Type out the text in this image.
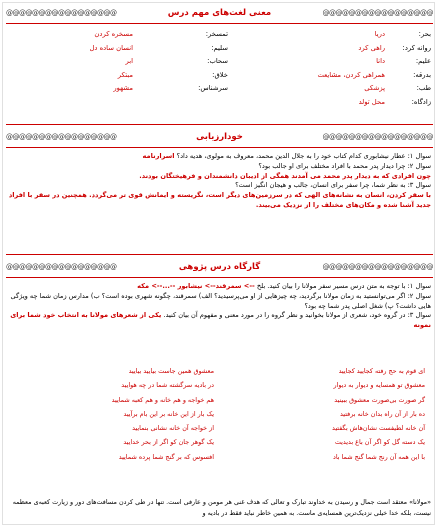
@@@@@@@@@@@@@@@@@
معنی لغت‌های مهم درس
@@@@@@@@@@@@@@@@@
بحر:
دریا
تمسخر:
مسخره کردن
روانه کرد:
راهی کرد
سلیم:
انسان ساده دل
علیم:
دانا
سحاب:
ابر
بدرقه:
همراهی کردن، مشایعت
خلاق:
مبتکر
طب:
پزشکی
سرشناس:
مشهور
زادگاه:
محل تولد
@@@@@@@@@@@@@@@@@
خودارزیابی
@@@@@@@@@@@@@@@@@
سوال ۱: عطار نیشابوری کدام کتاب خود را به جلال الدین محمد، معروف به مولوی، هدیه داد؟ اسرارنامه
سوال ۲: چرا دیدار پدر محمد با افراد مختلف برای او جالب بود؟
چون افرادی که به دیدار پدر محمد می آمدند همگی از ادیبان دانشمندان و فرهیختگان بودند.
سوال ۳: به نظر شما، چرا سفر برای انسان، جالب و هیجان انگیز است؟
با سفر کردن، انسان به نشانه‌های الهی که در سرزمین‌های دیگر است، نگریسته و ایمانش قوی تر می‌گردد. همچنین در سفر با افراد جدید آشنا شده و مکان‌های مختلف را از نزدیک می‌بیند.
@@@@@@@@@@@@@@@@@
گارگاه درس پژوهی
@@@@@@@@@@@@@@@@@
سوال ۱: با توجه به متن درس مسیر سفر مولانا را بیان کنید. بلخ --> سمرقند--> نیشابور --...--> مکه
سوال ۲: اگر می‌توانستید به زمان مولانا برگردید، چه چیزهایی از او می‌پرسیدید؟ الف) سمرقند، چگونه شهری بوده است؟ ب) مدارس زمان شما چه ویژگی هایی داشت؟ پ) شغل اصلی پدر شما چه بود؟
سوال ۳: در گروه خود، شعری از مولانا بخوانید و نظر گروه را در مورد معنی و مفهوم آن بیان کنید. یکی از شعرهای مولانا به انتخاب خود شما برای نمونه
ای قوم به حج رفته کجایید کجایید
معشوق تو همسایه و دیوار به دیوار
گر صورت بی‌صورت معشوق ببینید
ده بار از آن راه بدان خانه برفتید
آن خانه لطیفست نشان‌هاش بگفتید
یک دسته گل کو اگر آن باغ بدیدیت
با این همه آن رنج شما گنج شما باد
معشوق همین جاست بیایید بیایید
در بادیه سرگشته شما در چه هوایید
هم خواجه و هم خانه و هم کعبه شمایید
یک بار از این خانه بر این بام برآیید
از خواجه آن خانه نشانی بنمایید
یک گوهر جان کو اگر از بحر خدایید
افسوس که بر گنج شما پرده شمایید
«مولانا» معتقد است جمال و رسیدن به خداوند تبارک و تعالی که هدف غنی هر مومن و عارفی است. تنها در طی کردن مسافت‌های دور و زیارت کعبه‌ی معظمه نیست، بلکه خدا خیلی نزدیک‌ترین همسایه‌ی ماست. به همین خاطر نباید فقط در بادیه و
